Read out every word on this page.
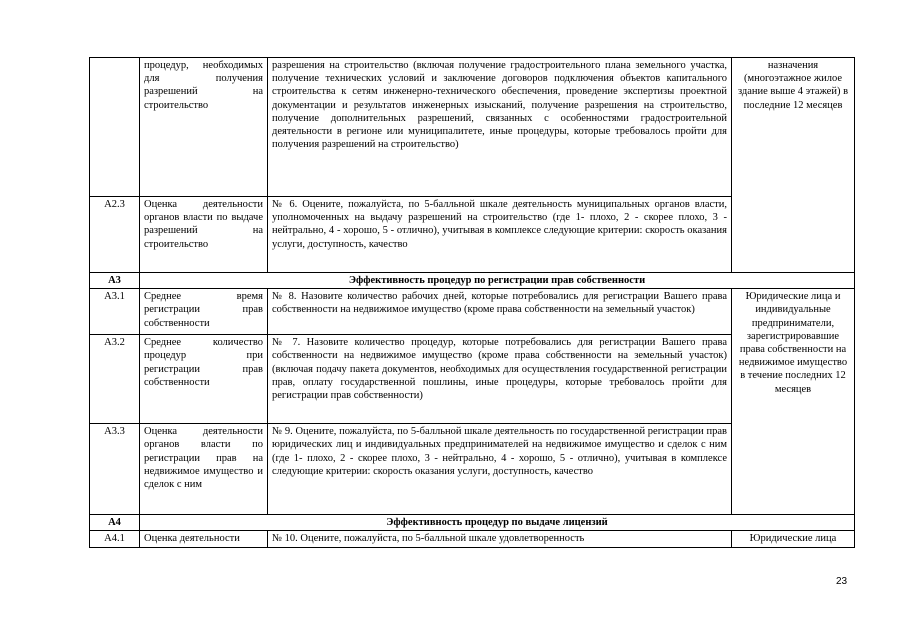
	процедур, необходимых для получения разрешений на строительство	разрешения на строительство (включая получение градостроительного плана земельного участка, получение технических условий и заключение договоров подключения объектов капитального строительства к сетям инженерно-технического обеспечения, проведение экспертизы проектной документации и результатов инженерных изысканий, получение разрешения на строительство, получение дополнительных разрешений, связанных с особенностями градостроительной деятельности в регионе или муниципалитете, иные процедуры, которые требовалось пройти для получения разрешений на строительство)	назначения (многоэтажное жилое здание выше 4 этажей) в последние 12 месяцев
А2.3	Оценка деятельности органов власти по выдаче разрешений на строительство	№ 6. Оцените, пожалуйста, по 5-балльной шкале деятельность муниципальных органов власти, уполномоченных на выдачу разрешений на строительство (где 1- плохо, 2 - скорее плохо, 3 - нейтрально, 4 - хорошо, 5 - отлично), учитывая в комплексе следующие критерии: скорость оказания услуги, доступность, качество	
А3	Эффективность процедур по регистрации прав собственности		
А3.1	Среднее время регистрации прав собственности	№ 8. Назовите количество рабочих дней, которые потребовались для регистрации Вашего права собственности на недвижимое имущество (кроме права собственности на земельный участок)	Юридические лица и индивидуальные предприниматели, зарегистрировавшие права собственности на недвижимое имущество в течение последних 12 месяцев
А3.2	Среднее количество процедур при регистрации прав собственности	№ 7. Назовите количество процедур, которые потребовались для регистрации Вашего права собственности на недвижимое имущество (кроме права собственности на земельный участок) (включая подачу пакета документов, необходимых для осуществления государственной регистрации прав, оплату государственной пошлины, иные процедуры, которые требовалось пройти для регистрации прав собственности)	
А3.3	Оценка деятельности органов власти по регистрации прав на недвижимое имущество и сделок с ним	№ 9. Оцените, пожалуйста, по 5-балльной шкале деятельность по государственной регистрации прав юридических лиц и индивидуальных предпринимателей на недвижимое имущество и сделок с ним (где 1- плохо, 2 - скорее плохо, 3 - нейтрально, 4 - хорошо, 5 - отлично), учитывая в комплексе следующие критерии: скорость оказания услуги, доступность, качество	
А4	Эффективность процедур по выдаче лицензий		
А4.1	Оценка деятельности	№ 10. Оцените, пожалуйста, по 5-балльной шкале удовлетворенность	Юридические лица
23
